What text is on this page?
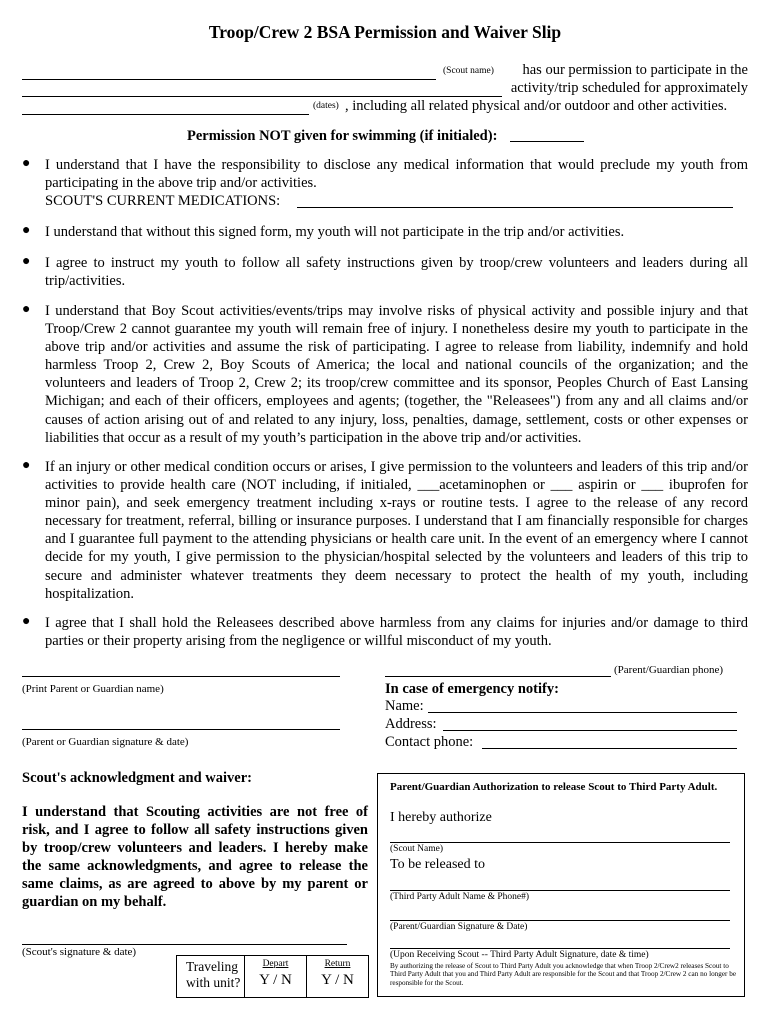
Troop/Crew 2 BSA Permission and Waiver Slip
(Scout name)	has our permission to participate in the
activity/trip scheduled for approximately
(dates) , including all related physical and/or outdoor and other activities.
Permission NOT given for swimming (if initialed):
● I understand that I have the responsibility to disclose any medical information that would preclude my youth from participating in the above trip and/or activities.
SCOUT'S CURRENT MEDICATIONS:
● I understand that without this signed form, my youth will not participate in the trip and/or activities.
● I agree to instruct my youth to follow all safety instructions given by troop/crew volunteers and leaders during all trip/activities.
● I understand that Boy Scout activities/events/trips may involve risks of physical activity and possible injury and that Troop/Crew 2 cannot guarantee my youth will remain free of injury. I nonetheless desire my youth to participate in the above trip and/or activities and assume the risk of participating. I agree to release from liability, indemnify and hold harmless Troop 2, Crew 2, Boy Scouts of America; the local and national councils of the organization; and the volunteers and leaders of Troop 2, Crew 2; its troop/crew committee and its sponsor, Peoples Church of East Lansing Michigan; and each of their officers, employees and agents; (together, the "Releasees") from any and all claims and/or causes of action arising out of and related to any injury, loss, penalties, damage, settlement, costs or other expenses or liabilities that occur as a result of my youth’s participation in the above trip and/or activities.
● If an injury or other medical condition occurs or arises, I give permission to the volunteers and leaders of this trip and/or activities to provide health care (NOT including, if initialed, ___acetaminophen or ___ aspirin or ___ ibuprofen for minor pain), and seek emergency treatment including x-rays or routine tests. I agree to the release of any record necessary for treatment, referral, billing or insurance purposes. I understand that I am financially responsible for charges and I guarantee full payment to the attending physicians or health care unit. In the event of an emergency where I cannot decide for my youth, I give permission to the physician/hospital selected by the volunteers and leaders of this trip to secure and administer whatever treatments they deem necessary to protect the health of my youth, including hospitalization.
● I agree that I shall hold the Releasees described above harmless from any claims for injuries and/or damage to third parties or their property arising from the negligence or willful misconduct of my youth.
(Print Parent or Guardian name)
(Parent or Guardian signature & date)
(Parent/Guardian phone)
In case of emergency notify:
Name:
Address:
Contact phone:
Scout's acknowledgment and waiver:
I understand that Scouting activities are not free of risk, and I agree to follow all safety instructions given by troop/crew volunteers and leaders. I hereby make the same acknowledgments, and agree to release the same claims, as are agreed to above by my parent or guardian on my behalf.
(Scout's signature & date)
Traveling
with unit?
Depart
Y / N
Return
Y / N
Parent/Guardian Authorization to release Scout to Third Party Adult.
I hereby authorize
(Scout Name)
To be released to
(Third Party Adult Name & Phone#)
(Parent/Guardian Signature & Date)
(Upon Receiving Scout -- Third Party Adult Signature, date & time)
By authorizing the release of Scout to Third Party Adult you acknowledge that when Troop 2/Crew2 releases Scout to Third Party Adult that you and Third Party Adult are responsible for the Scout and that Troop 2/Crew 2 can no longer be responsible for the Scout.
